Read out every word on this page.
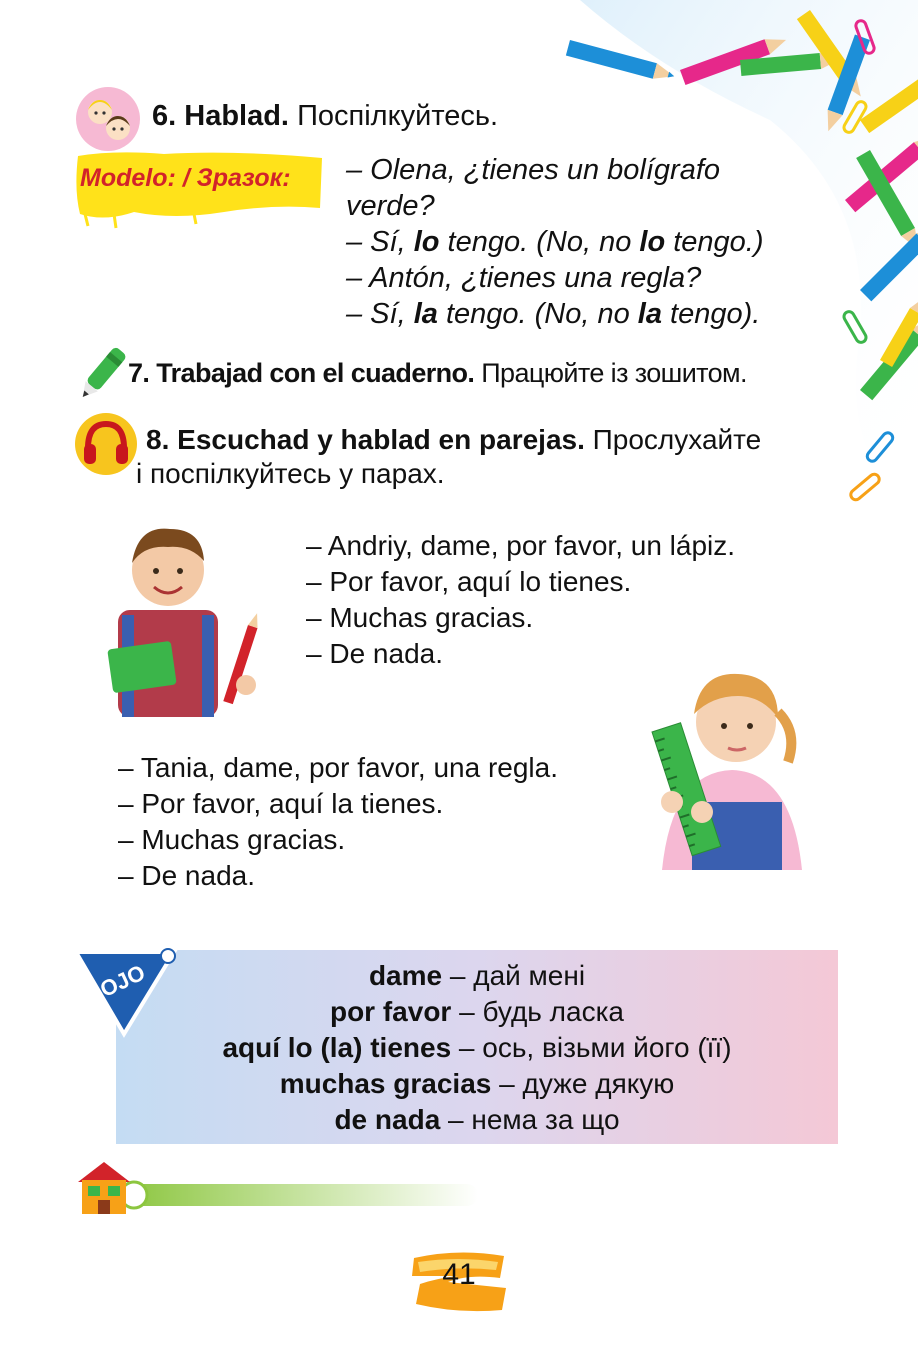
6. Hablad. Поспілкуйтесь.
Modelo: / Зразок: – Olena, ¿tienes un bolígrafo
verde?
– Sí, lo tengo. (No, no lo tengo.)
– Antón, ¿tienes una regla?
– Sí, la tengo. (No, no la tengo).
7. Trabajad con el cuaderno. Працюйте із зошитом.
8. Escuchad y hablad en parejas. Прослухайте
і поспілкуйтесь у парах.
– Andriy, dame, por favor, un lápiz.
– Por favor, aquí lo tienes.
– Muchas gracias.
– De nada.
– Tania, dame, por favor, una regla.
– Por favor, aquí la tienes.
– Muchas gracias.
– De nada.
OJO	dame – дай мені
por favor – будь ласка
aquí lo (la) tienes – ось, візьми його (її)
muchas gracias – дуже дякую
de nada – нема за що
41
